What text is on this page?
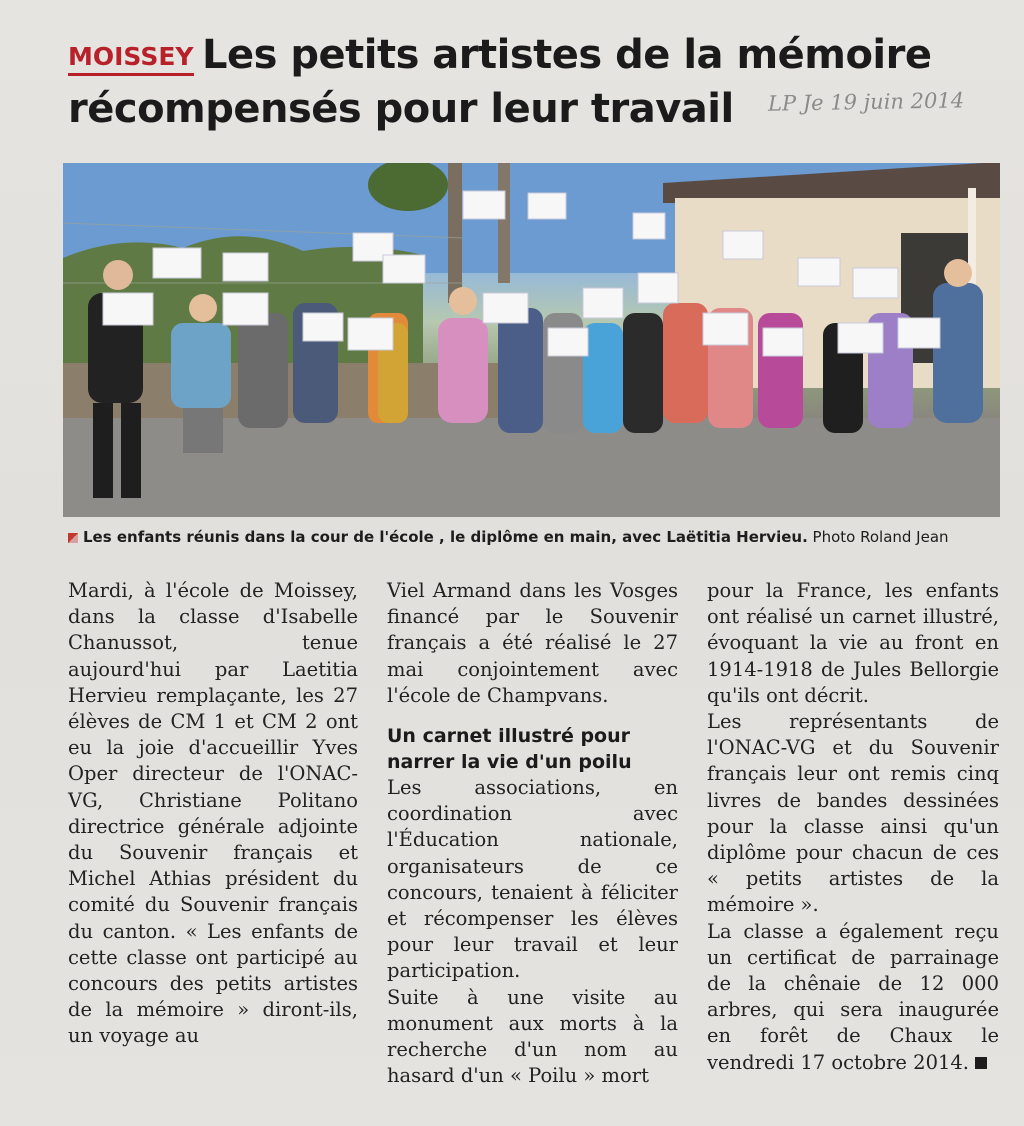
Les petits artistes de la mémoire récompensés pour leur travail
MOISSEY
LP Je 19 juin 2014
Les enfants réunis dans la cour de l'école , le diplôme en main, avec Laëtitia Hervieu. Photo Roland Jean

Mardi, à l'école de Moissey, dans la classe d'Isabelle Chanussot, tenue aujourd'hui par Laetitia Hervieu remplaçante, les 27 élèves de CM 1 et CM 2 ont eu la joie d'accueillir Yves Oper directeur de l'ONAC-VG, Christiane Politano directrice générale adjointe du Souvenir français et Michel Athias président du comité du Souvenir français du canton. « Les enfants de cette classe ont participé au concours des petits artistes de la mémoire » diront-ils, un voyage au

Viel Armand dans les Vosges financé par le Souvenir français a été réalisé le 27 mai conjointement avec l'école de Champvans.

Un carnet illustré pour narrer la vie d'un poilu

Les associations, en coordination avec l'Éducation nationale, organisateurs de ce concours, tenaient à féliciter et récompenser les élèves pour leur travail et leur participation.

Suite à une visite au monument aux morts à la recherche d'un nom au hasard d'un « Poilu » mort

pour la France, les enfants ont réalisé un carnet illustré, évoquant la vie au front en 1914-1918 de Jules Bellorgie qu'ils ont décrit.

Les représentants de l'ONAC-VG et du Souvenir français leur ont remis cinq livres de bandes dessinées pour la classe ainsi qu'un diplôme pour chacun de ces « petits artistes de la mémoire ».

La classe a également reçu un certificat de parrainage de la chênaie de 12 000 arbres, qui sera inaugurée en forêt de Chaux le vendredi 17 octobre 2014.
